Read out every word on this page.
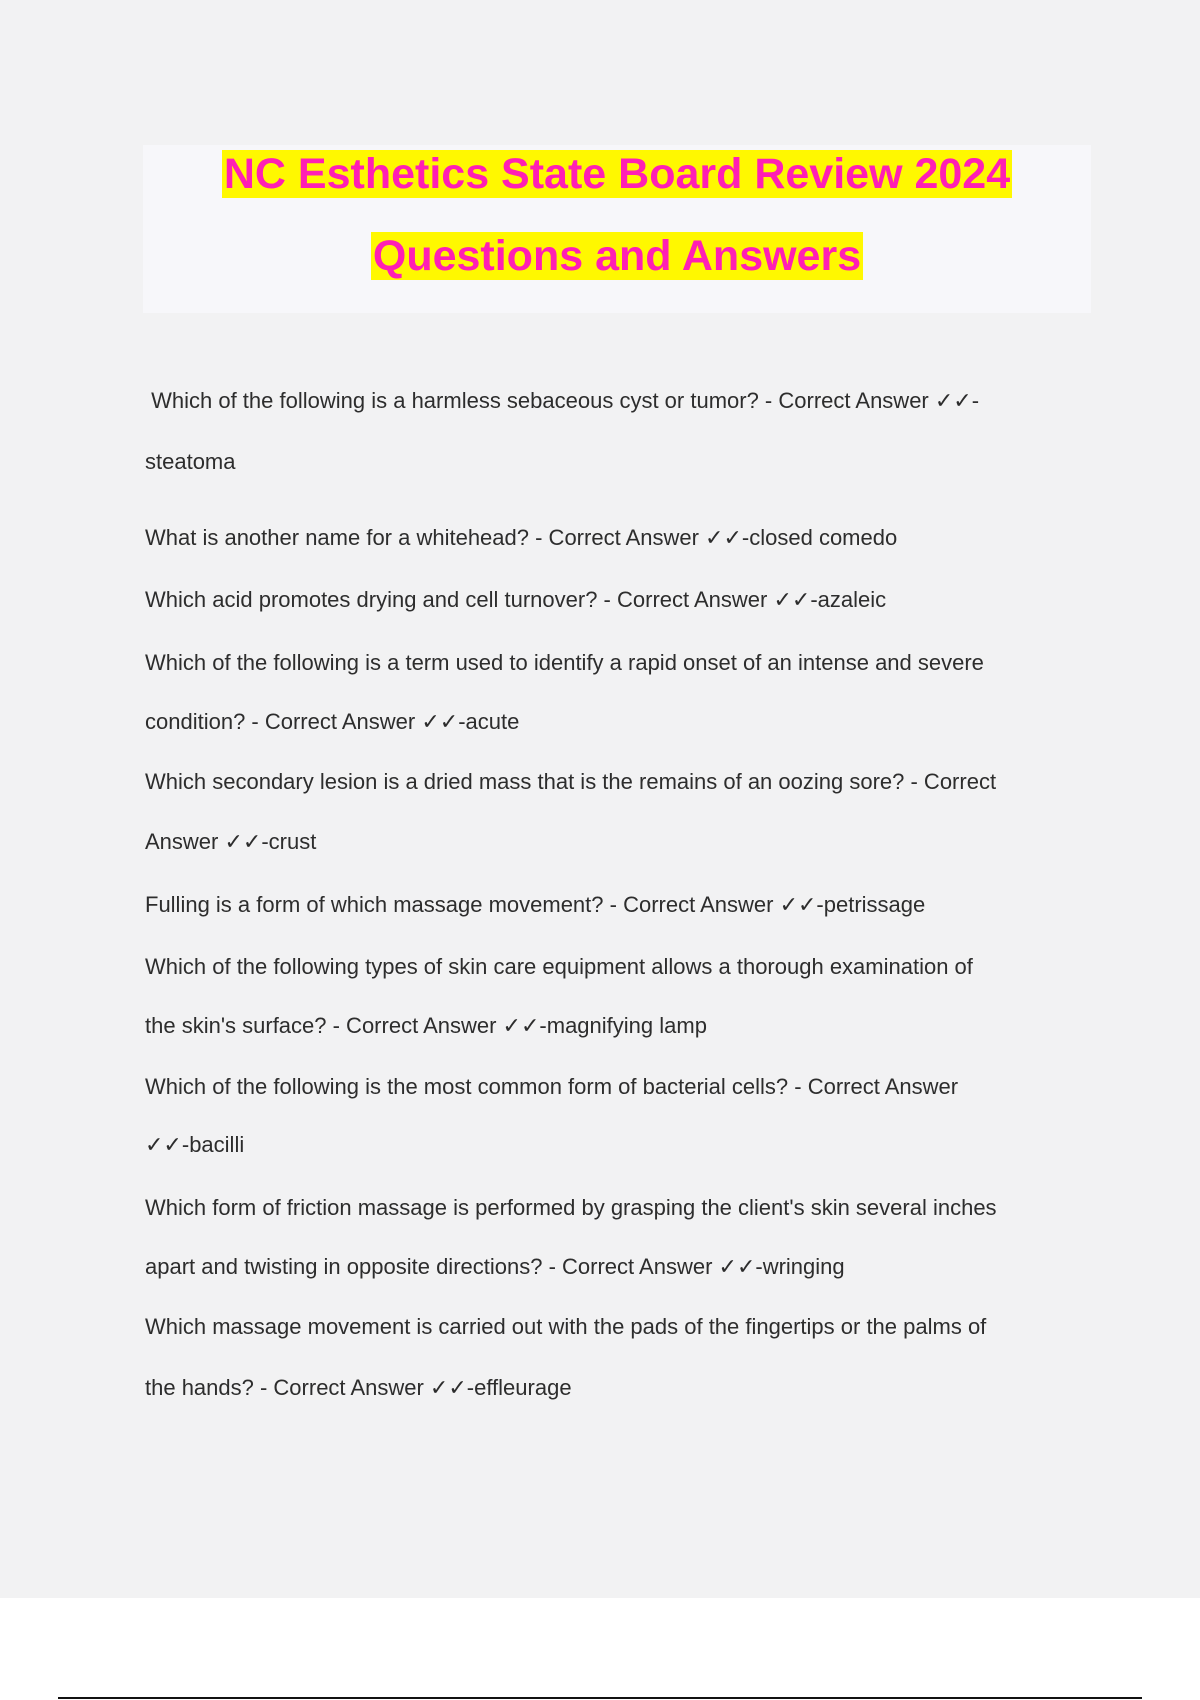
NC Esthetics State Board Review 2024
Questions and Answers
Which of the following is a harmless sebaceous cyst or tumor? - Correct Answer ✓✓-
steatoma
What is another name for a whitehead? - Correct Answer ✓✓-closed comedo
Which acid promotes drying and cell turnover? - Correct Answer ✓✓-azaleic
Which of the following is a term used to identify a rapid onset of an intense and severe
condition? - Correct Answer ✓✓-acute
Which secondary lesion is a dried mass that is the remains of an oozing sore? - Correct
Answer ✓✓-crust
Fulling is a form of which massage movement? - Correct Answer ✓✓-petrissage
Which of the following types of skin care equipment allows a thorough examination of
the skin's surface? - Correct Answer ✓✓-magnifying lamp
Which of the following is the most common form of bacterial cells? - Correct Answer
✓✓-bacilli
Which form of friction massage is performed by grasping the client's skin several inches
apart and twisting in opposite directions? - Correct Answer ✓✓-wringing
Which massage movement is carried out with the pads of the fingertips or the palms of
the hands? - Correct Answer ✓✓-effleurage
